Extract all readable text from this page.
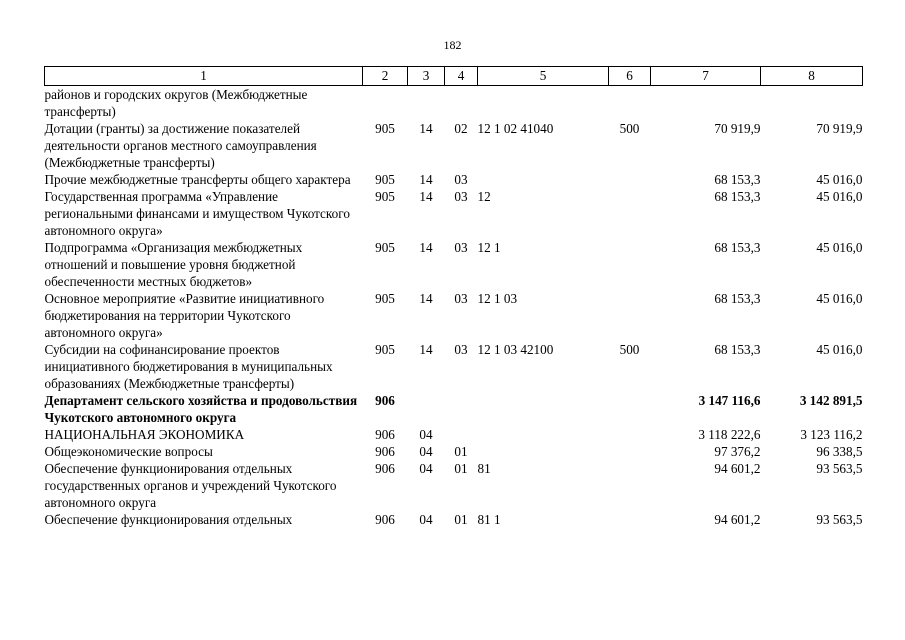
182
1	2	3	4	5	6	7	8
районов и городских округов (Межбюджетные трансферты)							
Дотации (гранты) за достижение показателей деятельности органов местного самоуправления (Межбюджетные трансферты)	905	14	02	12 1 02 41040	500	70 919,9	70 919,9
Прочие межбюджетные трансферты общего характера	905	14	03			68 153,3	45 016,0
Государственная программа «Управление региональными финансами и имуществом Чукотского автономного округа»	905	14	03	12		68 153,3	45 016,0
Подпрограмма «Организация межбюджетных отношений и повышение уровня бюджетной обеспеченности местных бюджетов»	905	14	03	12 1		68 153,3	45 016,0
Основное мероприятие «Развитие инициативного бюджетирования на территории Чукотского автономного округа»	905	14	03	12 1 03		68 153,3	45 016,0
Субсидии на софинансирование проектов инициативного бюджетирования в муниципальных образованиях (Межбюджетные трансферты)	905	14	03	12 1 03 42100	500	68 153,3	45 016,0
Департамент сельского хозяйства и продовольствия Чукотского автономного округа	906					3 147 116,6	3 142 891,5
НАЦИОНАЛЬНАЯ ЭКОНОМИКА	906	04				3 118 222,6	3 123 116,2
Общеэкономические вопросы	906	04	01			97 376,2	96 338,5
Обеспечение функционирования отдельных государственных органов и учреждений Чукотского автономного округа	906	04	01	81		94 601,2	93 563,5
Обеспечение функционирования отдельных	906	04	01	81 1		94 601,2	93 563,5
